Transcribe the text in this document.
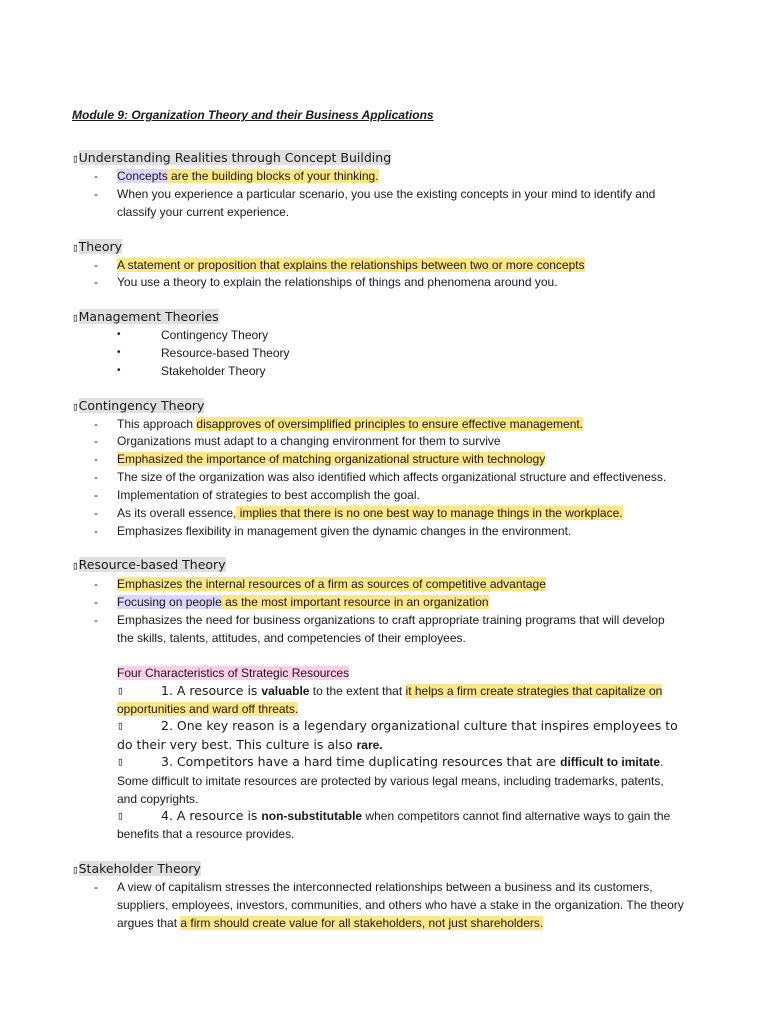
Module 9: Organization Theory and their Business Applications
▯Understanding Realities through Concept Building
- Concepts are the building blocks of your thinking.
- When you experience a particular scenario, you use the existing concepts in your mind to identify and
classify your current experience.
▯Theory
- A statement or proposition that explains the relationships between two or more concepts
- You use a theory to explain the relationships of things and phenomena around you.
▯Management Theories
•	Contingency Theory
•	Resource-based Theory
•	Stakeholder Theory
▯Contingency Theory
- This approach disapproves of oversimplified principles to ensure effective management.
- Organizations must adapt to a changing environment for them to survive
- Emphasized the importance of matching organizational structure with technology
- The size of the organization was also identified which affects organizational structure and effectiveness.
- Implementation of strategies to best accomplish the goal.
- As its overall essence, implies that there is no one best way to manage things in the workplace.
- Emphasizes flexibility in management given the dynamic changes in the environment.
▯Resource-based Theory
- Emphasizes the internal resources of a firm as sources of competitive advantage
- Focusing on people as the most important resource in an organization
- Emphasizes the need for business organizations to craft appropriate training programs that will develop
the skills, talents, attitudes, and competencies of their employees.
Four Characteristics of Strategic Resources
▯	1. A resource is valuable to the extent that it helps a firm create strategies that capitalize on
opportunities and ward off threats.
▯	2. One key reason is a legendary organizational culture that inspires employees to
do their very best. This culture is also rare.
▯	3. Competitors have a hard time duplicating resources that are difficult to imitate.
Some difficult to imitate resources are protected by various legal means, including trademarks, patents,
and copyrights.
▯	4. A resource is non-substitutable when competitors cannot find alternative ways to gain the
benefits that a resource provides.
▯Stakeholder Theory
- A view of capitalism stresses the interconnected relationships between a business and its customers,
suppliers, employees, investors, communities, and others who have a stake in the organization. The theory
argues that a firm should create value for all stakeholders, not just shareholders.
